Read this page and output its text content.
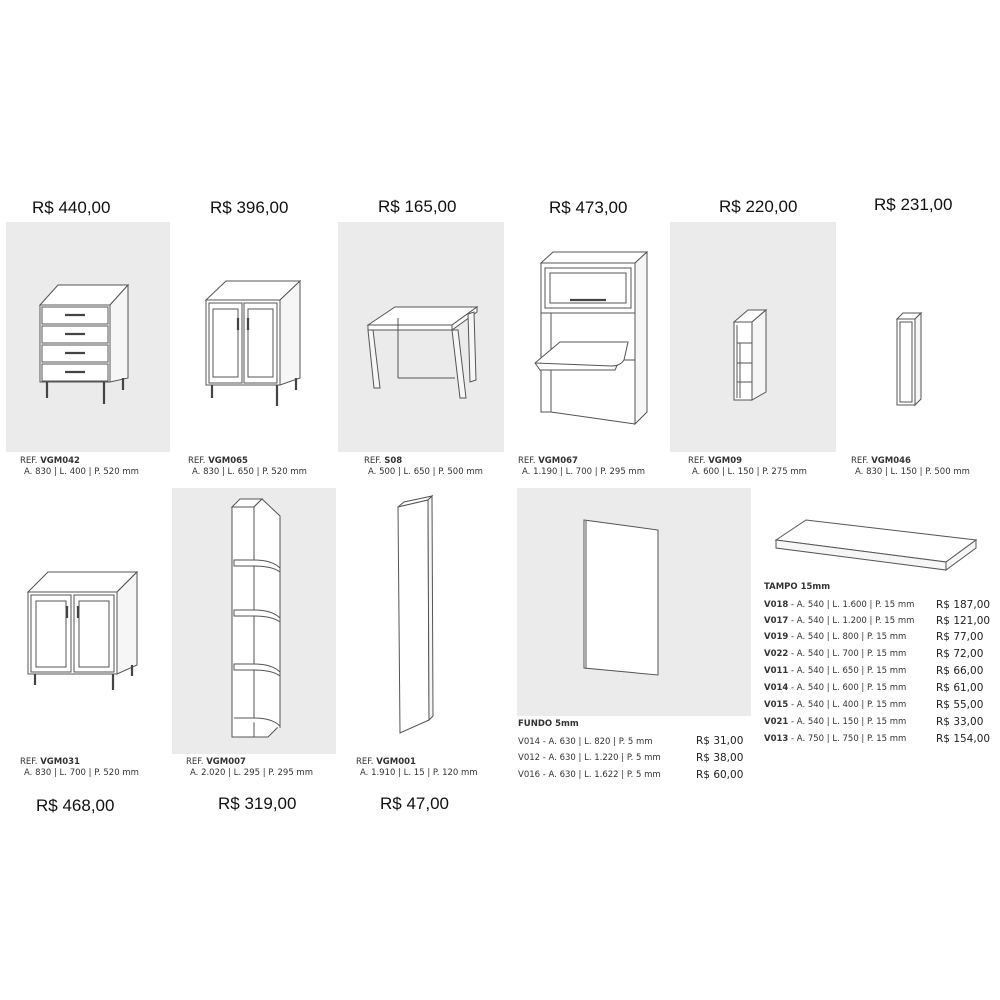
R$ 440,00	R$ 396,00	R$ 165,00	R$ 473,00	R$ 220,00	R$ 231,00
REF. VGM042
A. 830 | L. 400 | P. 520 mm
REF. VGM065
A. 830 | L. 650 | P. 520 mm
REF. S08
A. 500 | L. 650 | P. 500 mm
REF. VGM067
A. 1.190 | L. 700 | P. 295 mm
REF. VGM09
A. 600 | L. 150 | P. 275 mm
REF. VGM046
A. 830 | L. 150 | P. 500 mm
REF. VGM031
A. 830 | L. 700 | P. 520 mm
REF. VGM007
A. 2.020 | L. 295 | P. 295 mm
REF. VGM001
A. 1.910 | L. 15 | P. 120 mm
R$ 468,00	R$ 319,00	R$ 47,00
FUNDO 5mm
V014 - A. 630 | L. 820 | P. 5 mm	R$ 31,00
V012 - A. 630 | L. 1.220 | P. 5 mm	R$ 38,00
V016 - A. 630 | L. 1.622 | P. 5 mm	R$ 60,00
TAMPO 15mm
V018 - A. 540 | L. 1.600 | P. 15 mm R$ 187,00
V017 - A. 540 | L. 1.200 | P. 15 mm R$ 121,00
V019 - A. 540 | L. 800 | P. 15 mm	R$ 77,00
V022 - A. 540 | L. 700 | P. 15 mm	R$ 72,00
V011 - A. 540 | L. 650 | P. 15 mm	R$ 66,00
V014 - A. 540 | L. 600 | P. 15 mm	R$ 61,00
V015 - A. 540 | L. 400 | P. 15 mm	R$ 55,00
V021 - A. 540 | L. 150 | P. 15 mm	R$ 33,00
V013 - A. 750 | L. 750 | P. 15 mm	R$ 154,00
